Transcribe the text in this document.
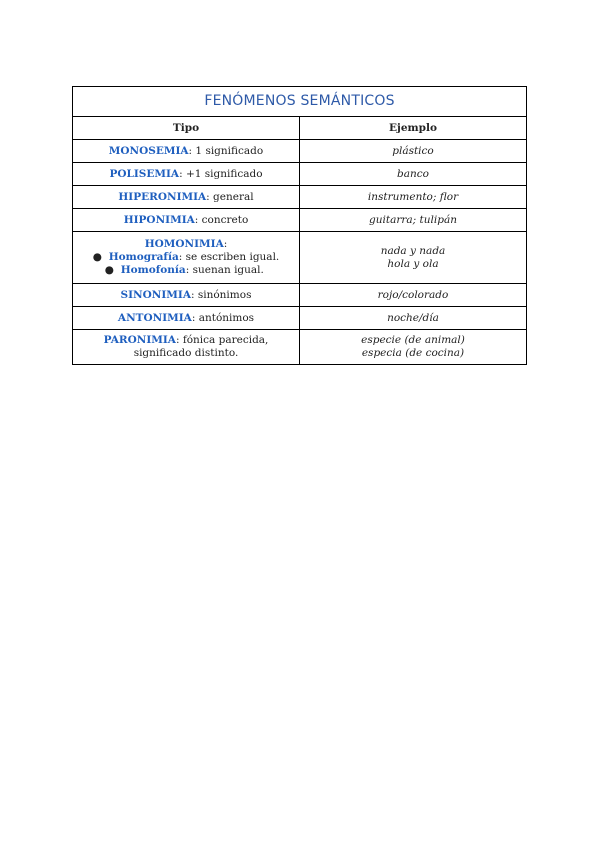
FENÓMENOS SEMÁNTICOS	
Tipo	Ejemplo
MONOSEMIA: 1 significado	plástico
POLISEMIA: +1 significado	banco
HIPERONIMIA: general	instrumento; flor
HIPONIMIA: concreto	guitarra; tulipán

HOMONIMIA:
● Homografía: se escriben igual.
● Homofonía: suenan igual.	nada y nada
hola y ola

SINONIMIA: sinónimos	rojo/colorado
ANTONIMIA: antónimos	noche/día

PARONIMIA: fónica parecida,
significado distinto.	especie (de animal)
especia (de cocina)
